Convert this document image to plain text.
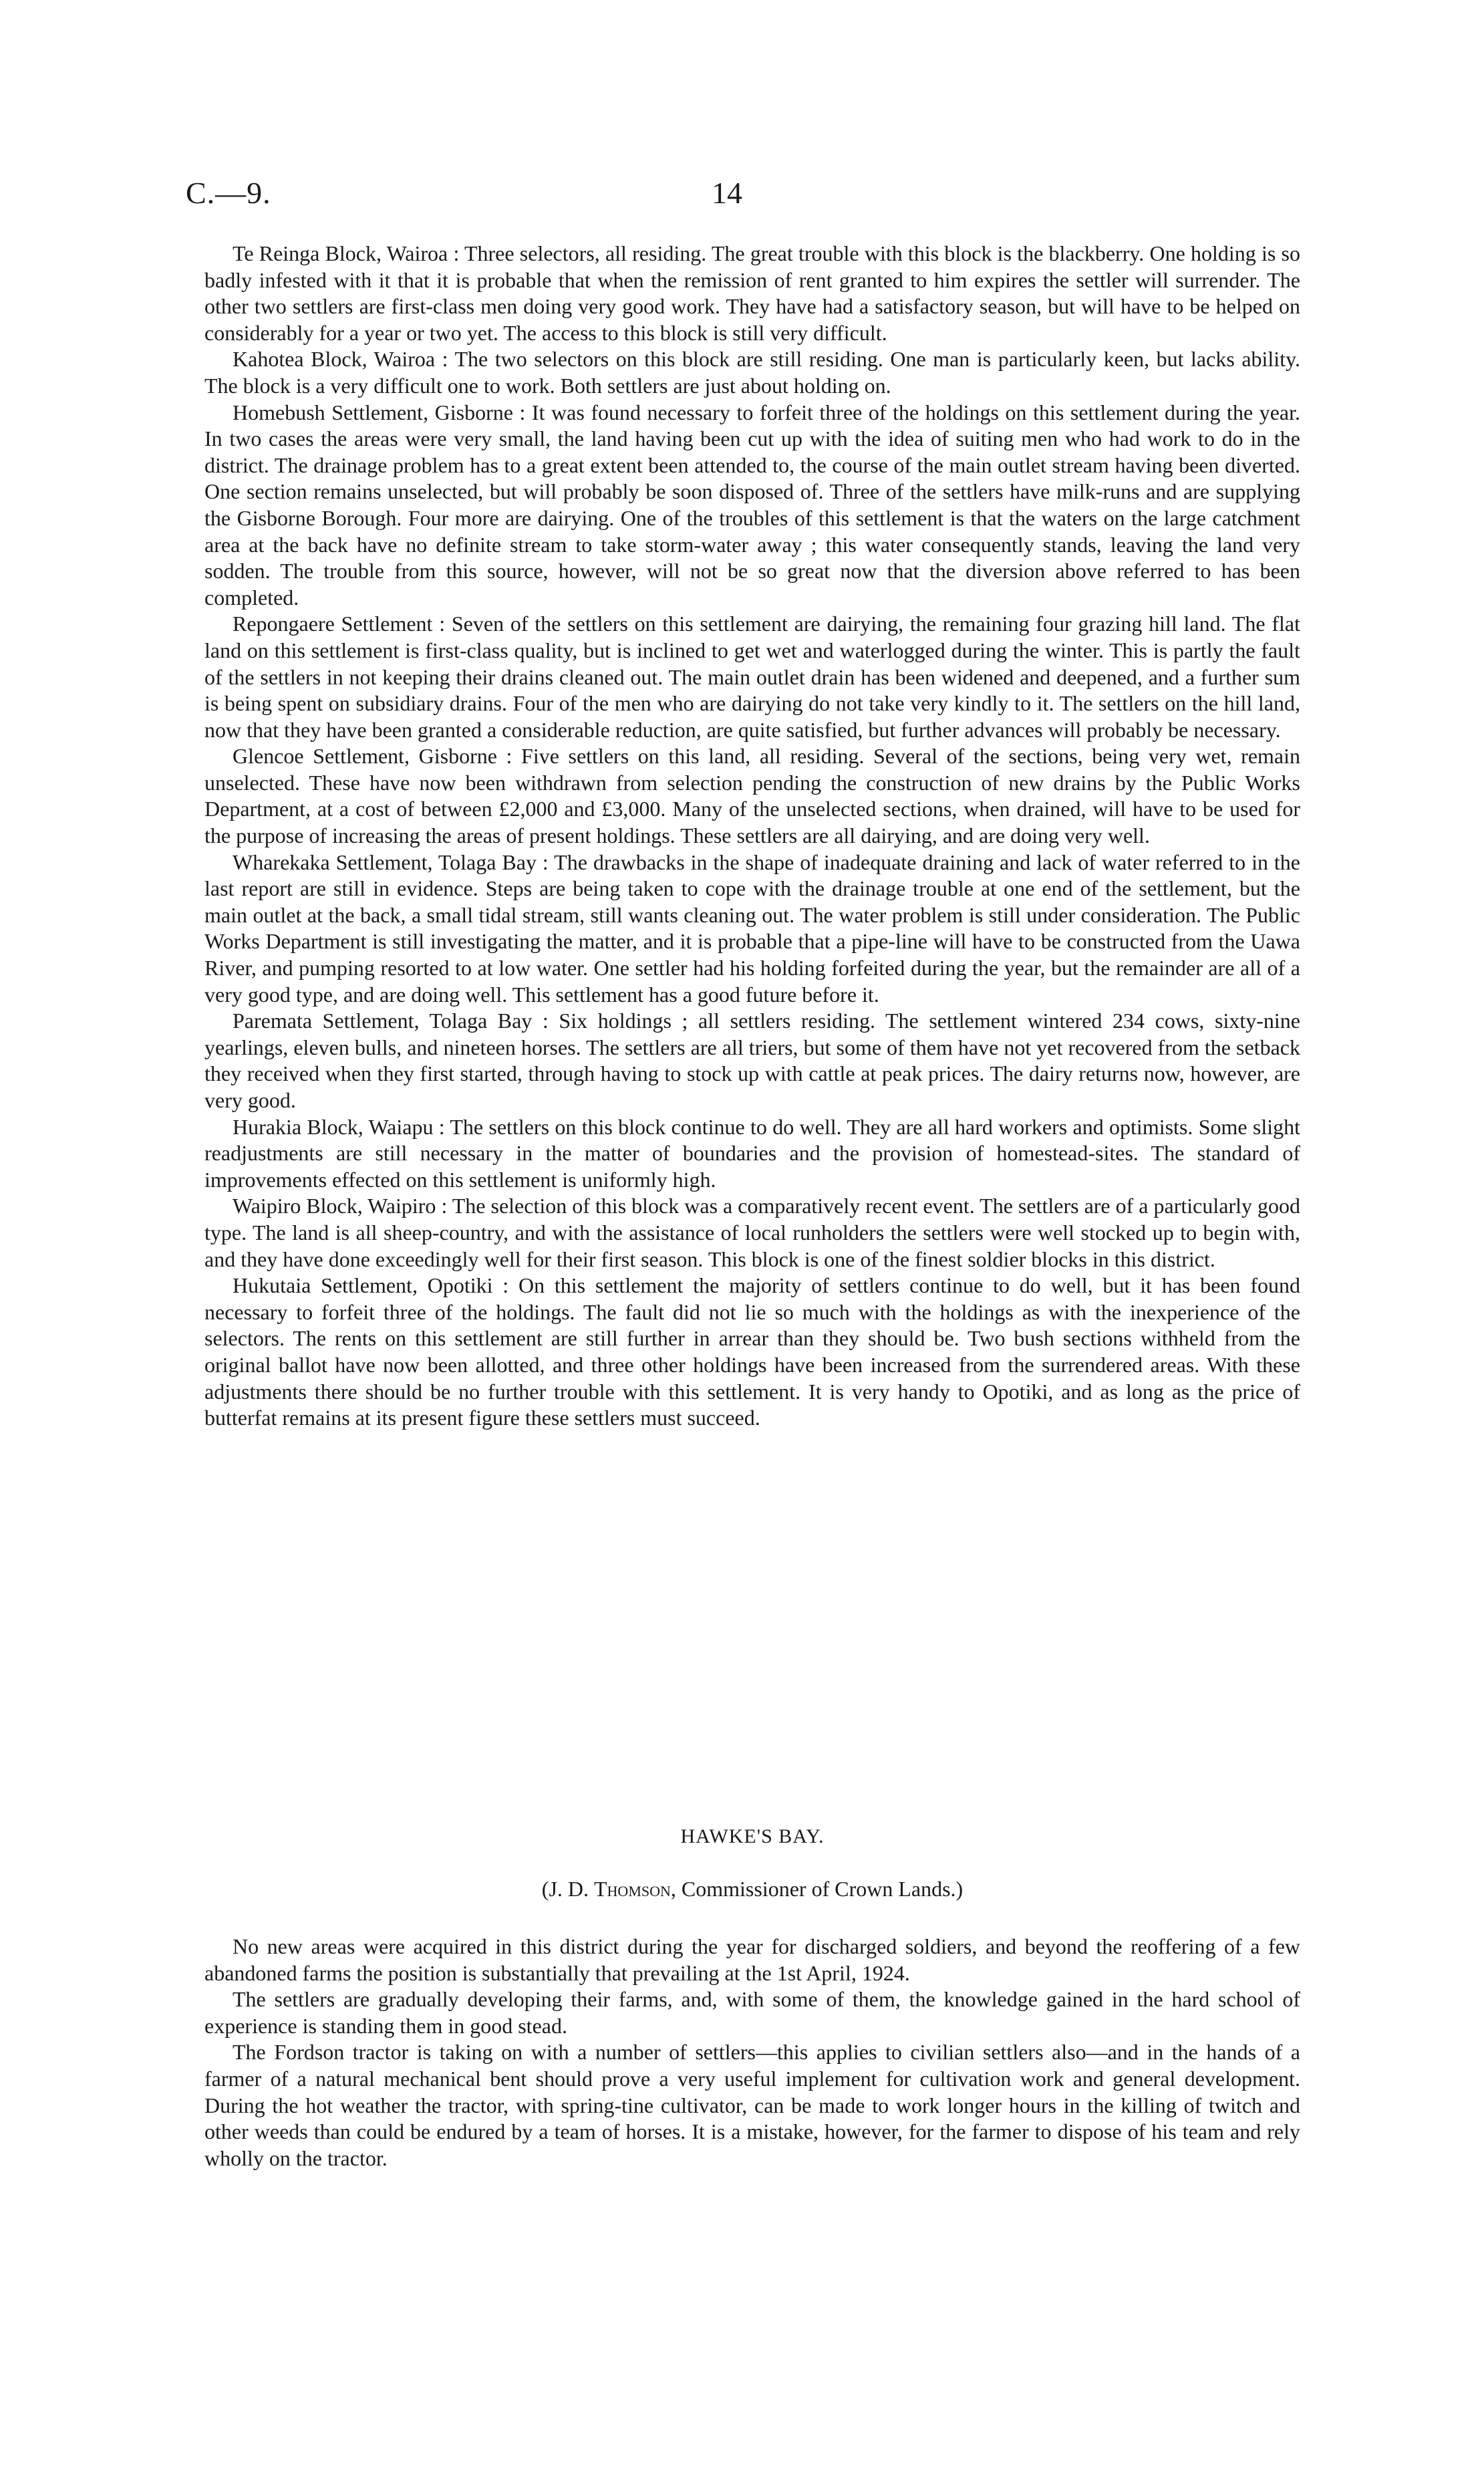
C.—9.	14

Te Reinga Block, Wairoa : Three selectors, all residing. The great trouble with this block is the blackberry. One holding is so badly infested with it that it is probable that when the remission of rent granted to him expires the settler will surrender. The other two settlers are first-class men doing very good work. They have had a satisfactory season, but will have to be helped on considerably for a year or two yet. The access to this block is still very difficult.

Kahotea Block, Wairoa : The two selectors on this block are still residing. One man is particularly keen, but lacks ability. The block is a very difficult one to work. Both settlers are just about holding on.

Homebush Settlement, Gisborne : It was found necessary to forfeit three of the holdings on this settlement during the year. In two cases the areas were very small, the land having been cut up with the idea of suiting men who had work to do in the district. The drainage problem has to a great extent been attended to, the course of the main outlet stream having been diverted. One section remains unselected, but will probably be soon disposed of. Three of the settlers have milk-runs and are supplying the Gisborne Borough. Four more are dairying. One of the troubles of this settlement is that the waters on the large catchment area at the back have no definite stream to take storm-water away ; this water consequently stands, leaving the land very sodden. The trouble from this source, however, will not be so great now that the diversion above referred to has been completed.

Repongaere Settlement : Seven of the settlers on this settlement are dairying, the remaining four grazing hill land. The flat land on this settlement is first-class quality, but is inclined to get wet and waterlogged during the winter. This is partly the fault of the settlers in not keeping their drains cleaned out. The main outlet drain has been widened and deepened, and a further sum is being spent on subsidiary drains. Four of the men who are dairying do not take very kindly to it. The settlers on the hill land, now that they have been granted a considerable reduction, are quite satisfied, but further advances will probably be necessary.

Glencoe Settlement, Gisborne : Five settlers on this land, all residing. Several of the sections, being very wet, remain unselected. These have now been withdrawn from selection pending the construction of new drains by the Public Works Department, at a cost of between £2,000 and £3,000. Many of the unselected sections, when drained, will have to be used for the purpose of increasing the areas of present holdings. These settlers are all dairying, and are doing very well.

Wharekaka Settlement, Tolaga Bay : The drawbacks in the shape of inadequate draining and lack of water referred to in the last report are still in evidence. Steps are being taken to cope with the drainage trouble at one end of the settlement, but the main outlet at the back, a small tidal stream, still wants cleaning out. The water problem is still under consideration. The Public Works Department is still investigating the matter, and it is probable that a pipe-line will have to be constructed from the Uawa River, and pumping resorted to at low water. One settler had his holding forfeited during the year, but the remainder are all of a very good type, and are doing well. This settlement has a good future before it.

Paremata Settlement, Tolaga Bay : Six holdings ; all settlers residing. The settlement wintered 234 cows, sixty-nine yearlings, eleven bulls, and nineteen horses. The settlers are all triers, but some of them have not yet recovered from the setback they received when they first started, through having to stock up with cattle at peak prices. The dairy returns now, however, are very good.

Hurakia Block, Waiapu : The settlers on this block continue to do well. They are all hard workers and optimists. Some slight readjustments are still necessary in the matter of boundaries and the provision of homestead-sites. The standard of improvements effected on this settlement is uniformly high.

Waipiro Block, Waipiro : The selection of this block was a comparatively recent event. The settlers are of a particularly good type. The land is all sheep-country, and with the assistance of local runholders the settlers were well stocked up to begin with, and they have done exceedingly well for their first season. This block is one of the finest soldier blocks in this district.

Hukutaia Settlement, Opotiki : On this settlement the majority of settlers continue to do well, but it has been found necessary to forfeit three of the holdings. The fault did not lie so much with the holdings as with the inexperience of the selectors. The rents on this settlement are still further in arrear than they should be. Two bush sections withheld from the original ballot have now been allotted, and three other holdings have been increased from the surrendered areas. With these adjustments there should be no further trouble with this settlement. It is very handy to Opotiki, and as long as the price of butterfat remains at its present figure these settlers must succeed.

HAWKE'S BAY.
(J. D. Thomson, Commissioner of Crown Lands.)

No new areas were acquired in this district during the year for discharged soldiers, and beyond the reoffering of a few abandoned farms the position is substantially that prevailing at the 1st April, 1924.

The settlers are gradually developing their farms, and, with some of them, the knowledge gained in the hard school of experience is standing them in good stead.

The Fordson tractor is taking on with a number of settlers—this applies to civilian settlers also—and in the hands of a farmer of a natural mechanical bent should prove a very useful implement for cultivation work and general development. During the hot weather the tractor, with spring-tine cultivator, can be made to work longer hours in the killing of twitch and other weeds than could be endured by a team of horses. It is a mistake, however, for the farmer to dispose of his team and rely wholly on the tractor.
